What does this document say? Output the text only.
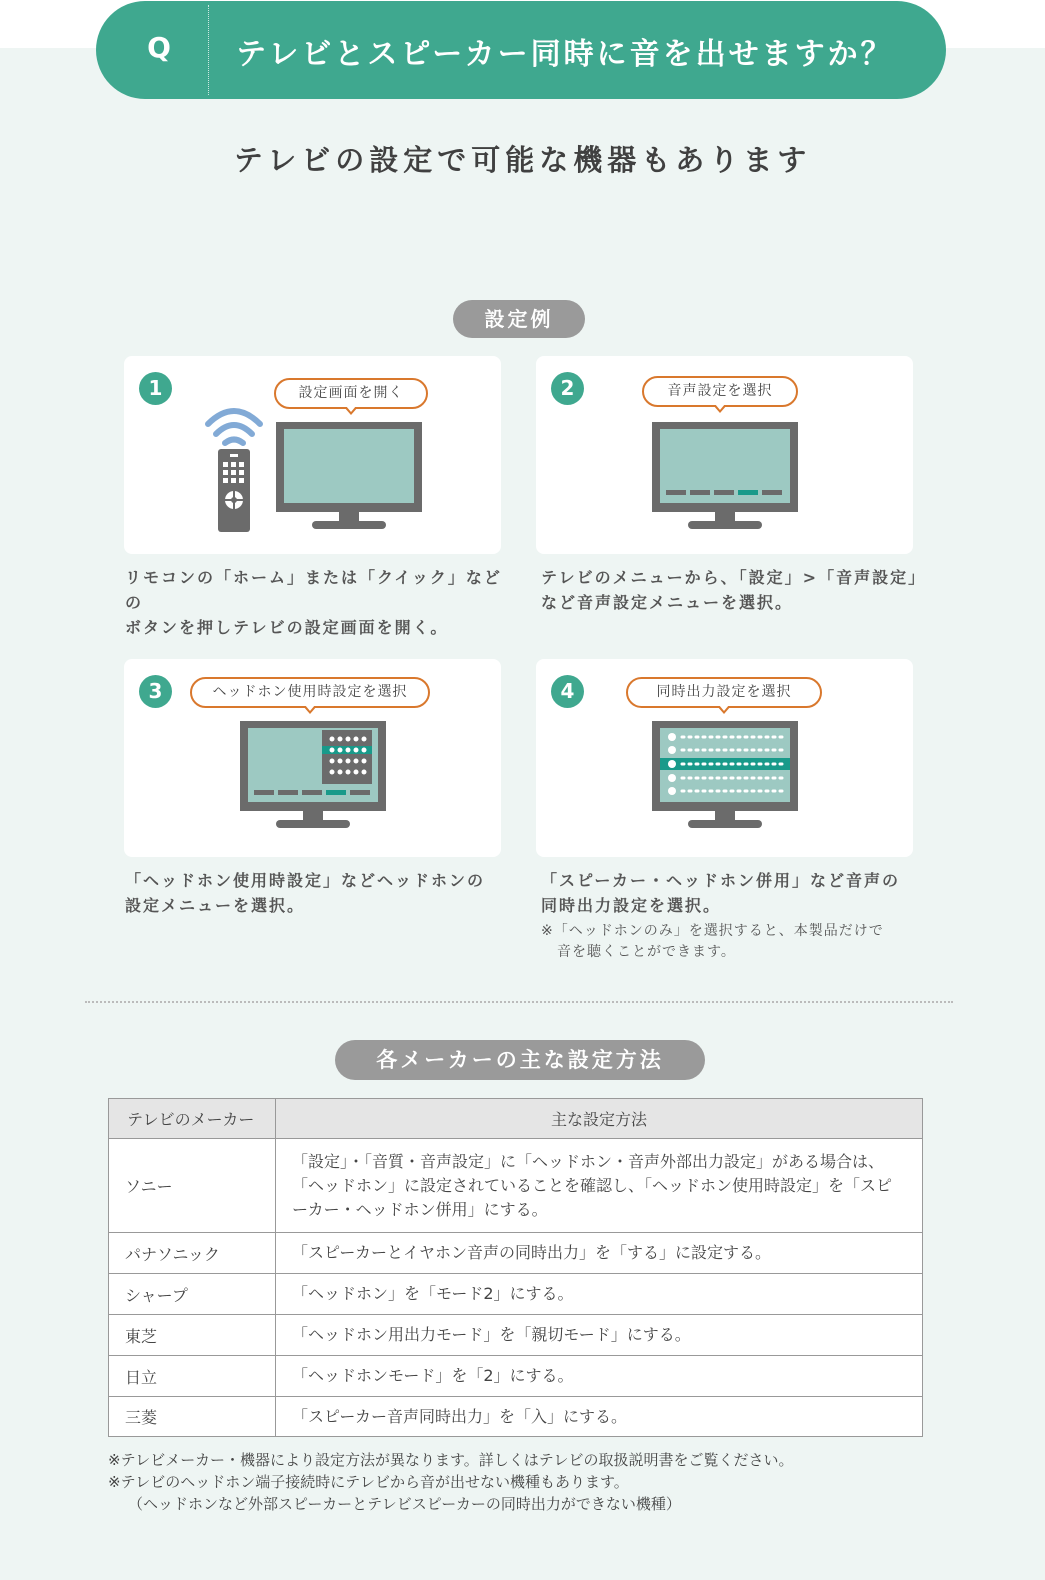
Q テレビとスピーカー同時に音を出せますか？
テレビの設定で可能な機器もあります
設定例
1	設定画面を開く
リモコンの「ホーム」または「クイック」などの
ボタンを押しテレビの設定画面を開く。
2	音声設定を選択
テレビのメニューから、「設定」>「音声設定」
など音声設定メニューを選択。
3	ヘッドホン使用時設定を選択
「ヘッドホン使用時設定」などヘッドホンの
設定メニューを選択。
4	同時出力設定を選択
「スピーカー・ヘッドホン併用」など音声の
同時出力設定を選択。
※「ヘッドホンのみ」を選択すると、本製品だけで
音を聴くことができます。
各メーカーの主な設定方法
テレビのメーカー	主な設定方法
ソニー	「設定」・「音質・音声設定」に「ヘッドホン・音声外部出力設定」がある場合は、
「ヘッドホン」に設定されていることを確認し、「ヘッドホン使用時設定」を「スピ
ーカー・ヘッドホン併用」にする。

パナソニック	「スピーカーとイヤホン音声の同時出力」を「する」に設定する。
シャープ	「ヘッドホン」を「モード2」にする。
東芝	「ヘッドホン用出力モード」を「親切モード」にする。
日立	「ヘッドホンモード」を「2」にする。
三菱	「スピーカー音声同時出力」を「入」にする。
※テレビメーカー・機器により設定方法が異なります。詳しくはテレビの取扱説明書をご覧ください。
※テレビのヘッドホン端子接続時にテレビから音が出せない機種もあります。
（ヘッドホンなど外部スピーカーとテレビスピーカーの同時出力ができない機種）
